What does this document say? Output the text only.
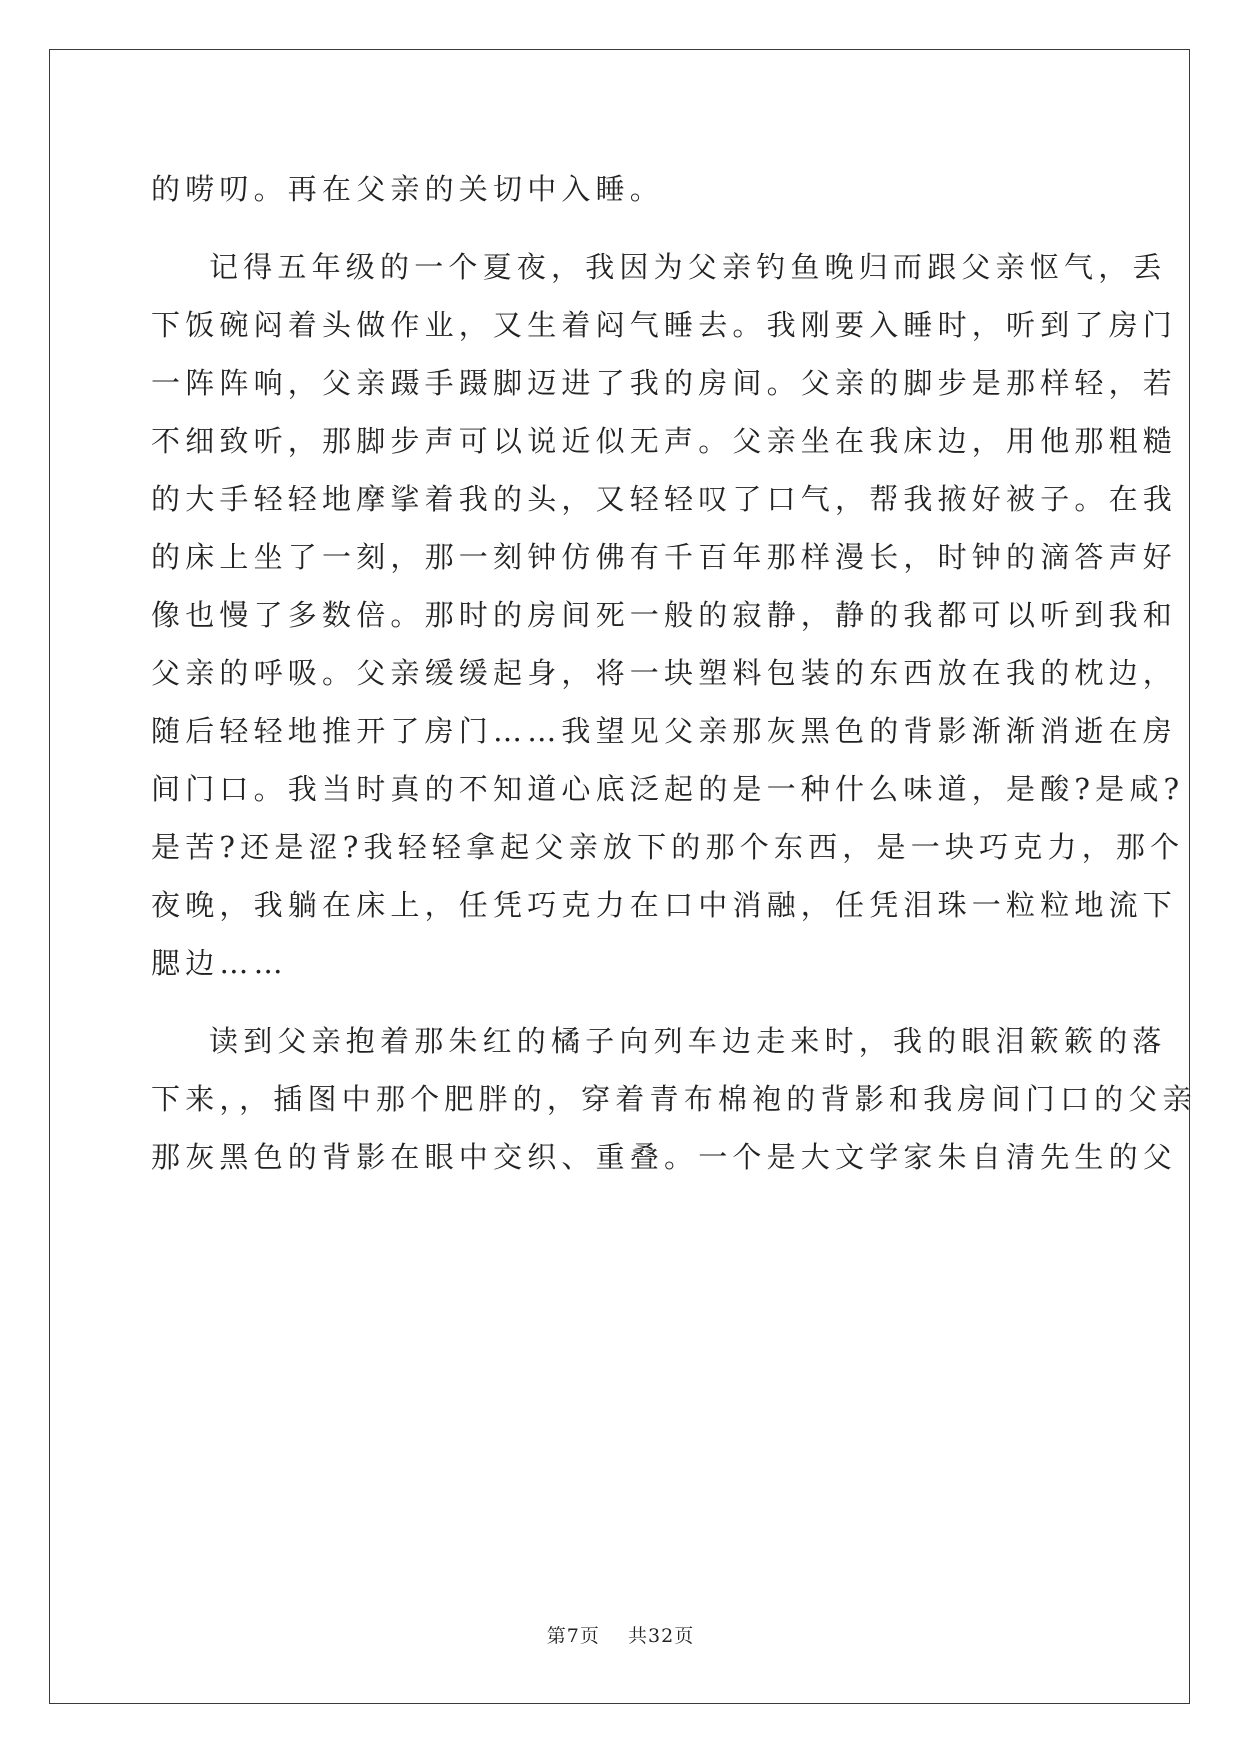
的唠叨。再在父亲的关切中入睡。
记得五年级的一个夏夜，我因为父亲钓鱼晚归而跟父亲怄气，丢
下饭碗闷着头做作业，又生着闷气睡去。我刚要入睡时，听到了房门
一阵阵响，父亲蹑手蹑脚迈进了我的房间。父亲的脚步是那样轻，若
不细致听，那脚步声可以说近似无声。父亲坐在我床边，用他那粗糙
的大手轻轻地摩挲着我的头，又轻轻叹了口气，帮我掖好被子。在我
的床上坐了一刻，那一刻钟仿佛有千百年那样漫长，时钟的滴答声好
像也慢了多数倍。那时的房间死一般的寂静，静的我都可以听到我和
父亲的呼吸。父亲缓缓起身，将一块塑料包装的东西放在我的枕边，
随后轻轻地推开了房门……我望见父亲那灰黑色的背影渐渐消逝在房
间门口。我当时真的不知道心底泛起的是一种什么味道，是酸?是咸?
是苦?还是涩?我轻轻拿起父亲放下的那个东西，是一块巧克力，那个
夜晚，我躺在床上，任凭巧克力在口中消融，任凭泪珠一粒粒地流下
腮边……
读到父亲抱着那朱红的橘子向列车边走来时，我的眼泪簌簌的落
下来，，插图中那个肥胖的，穿着青布棉袍的背影和我房间门口的父亲
那灰黑色的背影在眼中交织、重叠。一个是大文学家朱自清先生的父
第7页    共32页
